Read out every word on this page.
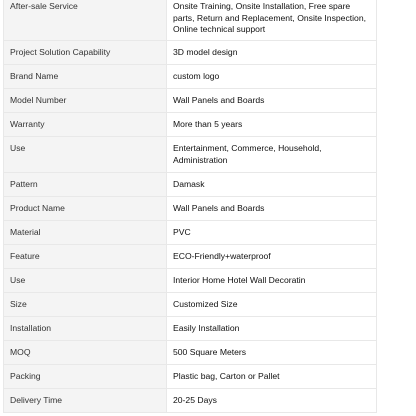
After-sale Service	Onsite Training, Onsite Installation, Free spare parts, Return and Replacement, Onsite Inspection, Online technical support
Project Solution Capability	3D model design
Brand Name	custom logo
Model Number	Wall Panels and Boards
Warranty	More than 5 years
Use	Entertainment, Commerce, Household, Administration
Pattern	Damask
Product Name	Wall Panels and Boards
Material	PVC
Feature	ECO-Friendly+waterproof
Use	Interior Home Hotel Wall Decoratin
Size	Customized Size
Installation	Easily Installation
MOQ	500 Square Meters
Packing	Plastic bag, Carton or Pallet
Delivery Time	20-25 Days
